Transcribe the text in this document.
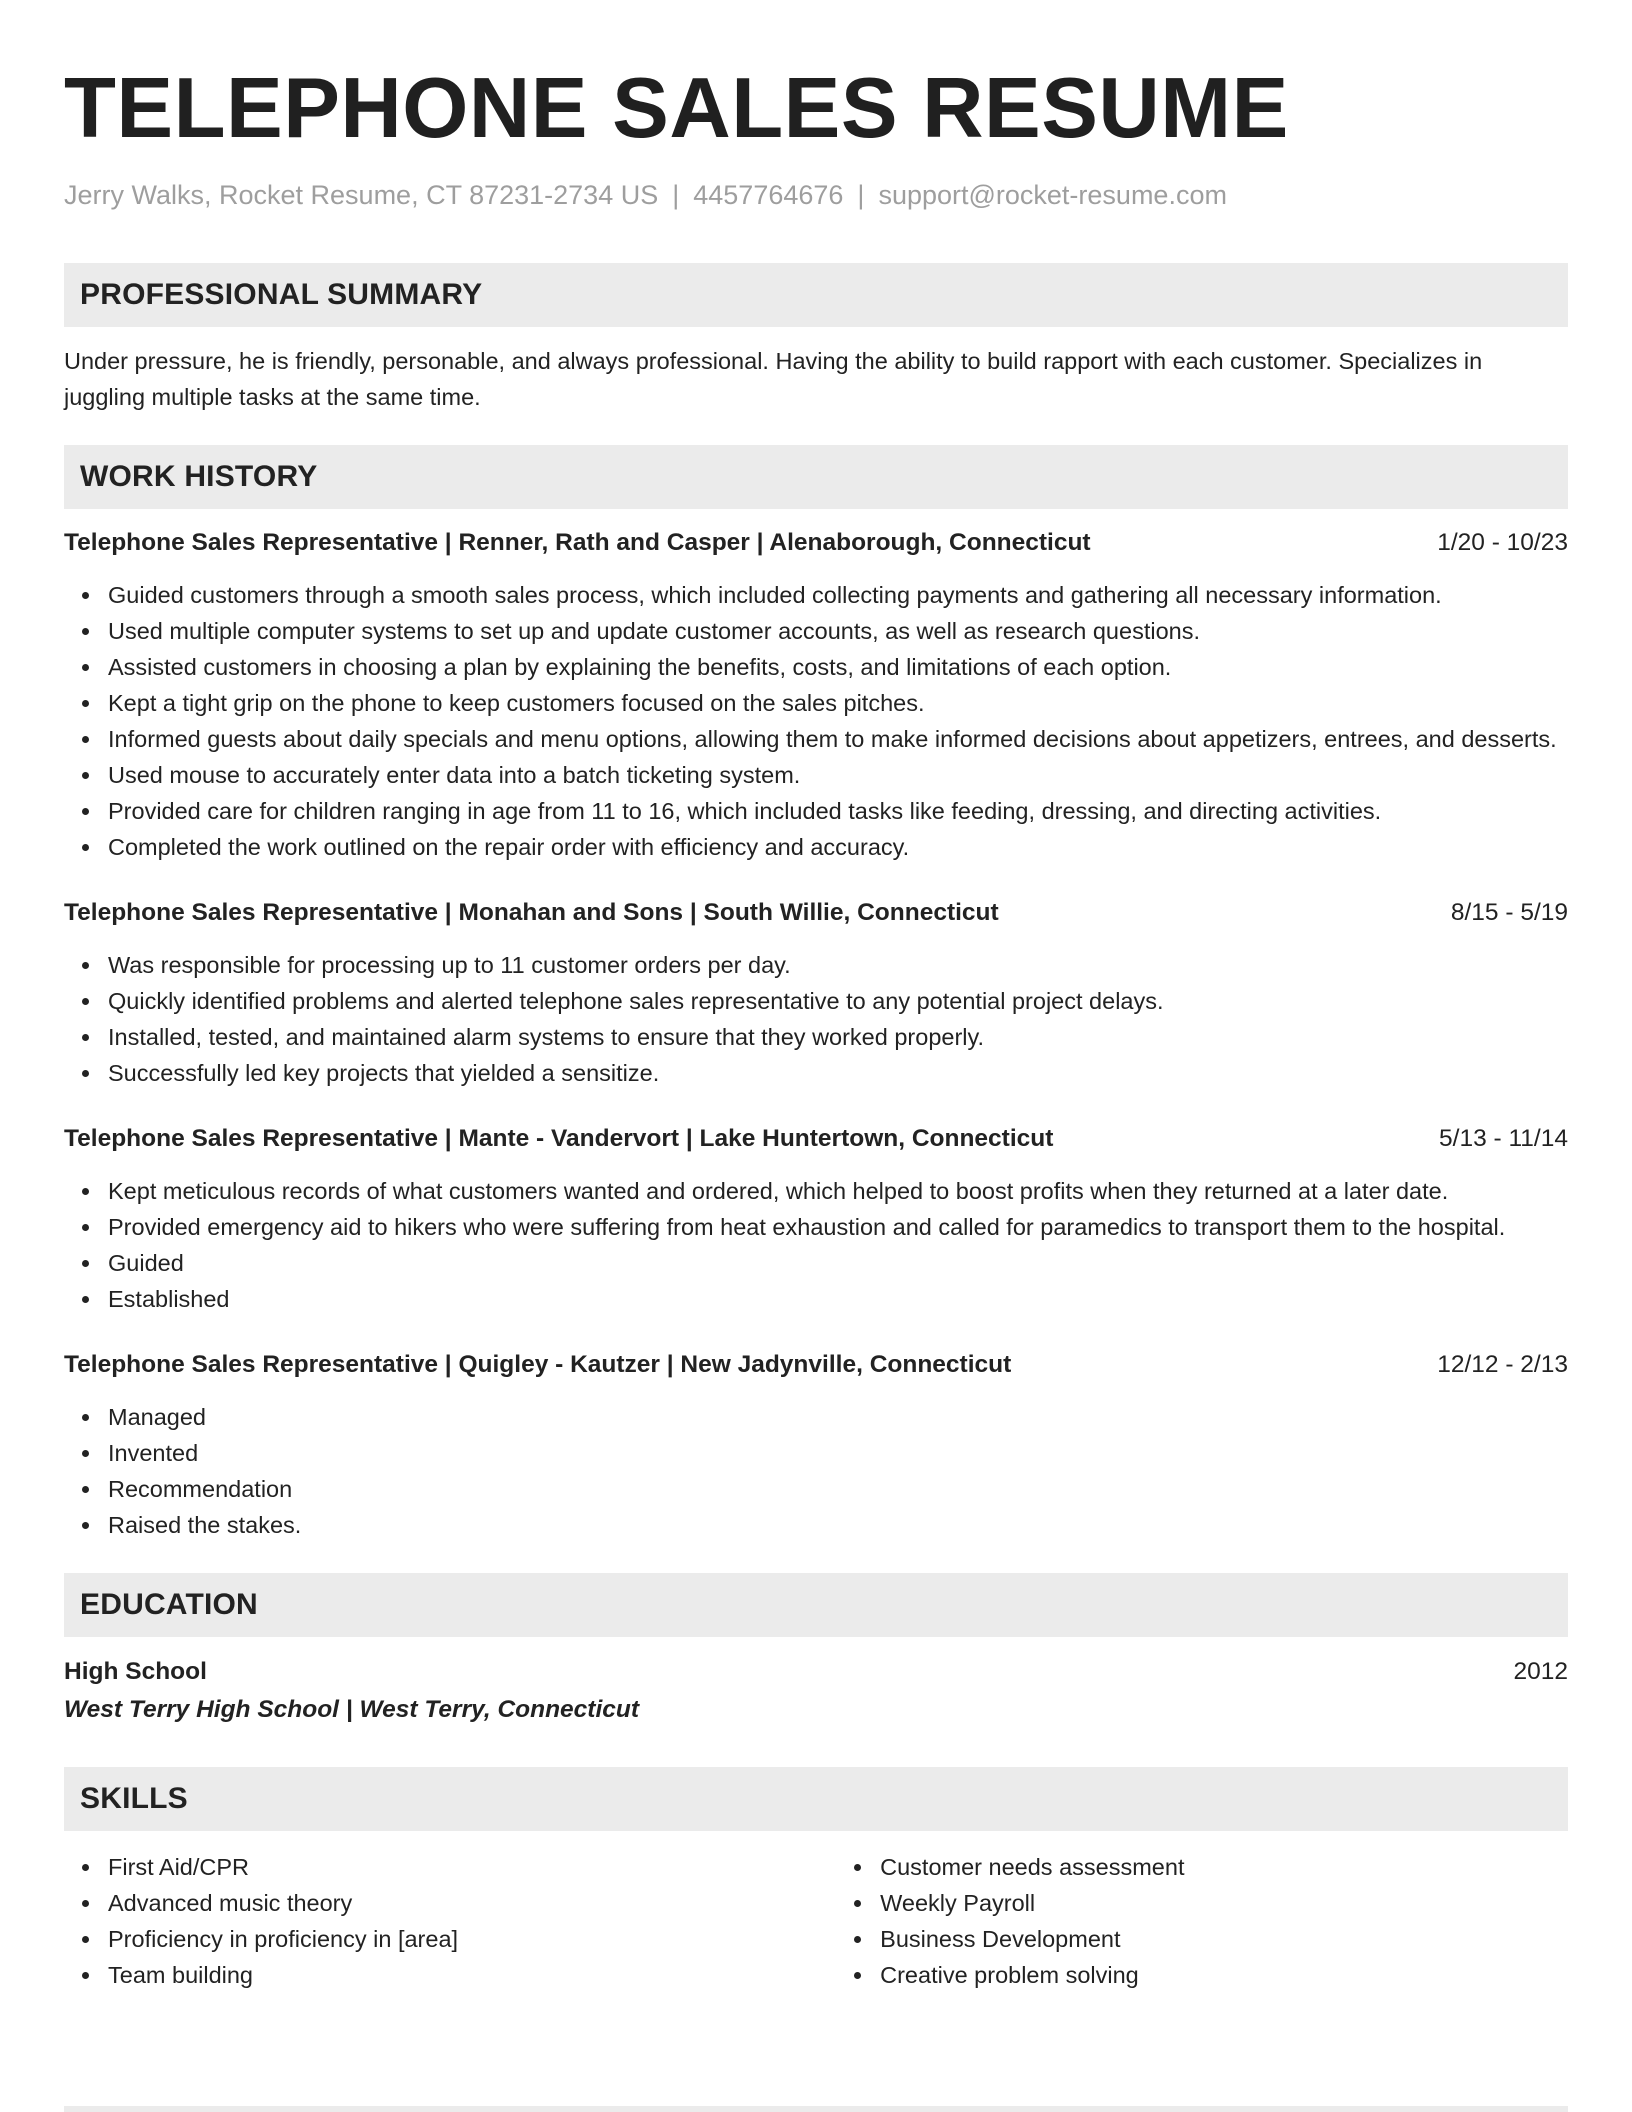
TELEPHONE SALES RESUME
Jerry Walks, Rocket Resume, CT 87231-2734 US | 4457764676 | support@rocket-resume.com
PROFESSIONAL SUMMARY
Under pressure, he is friendly, personable, and always professional. Having the ability to build rapport with each customer. Specializes in juggling multiple tasks at the same time.
WORK HISTORY
Telephone Sales Representative | Renner, Rath and Casper | Alenaborough, Connecticut	1/20 - 10/23
Guided customers through a smooth sales process, which included collecting payments and gathering all necessary information.
Used multiple computer systems to set up and update customer accounts, as well as research questions.
Assisted customers in choosing a plan by explaining the benefits, costs, and limitations of each option.
Kept a tight grip on the phone to keep customers focused on the sales pitches.
Informed guests about daily specials and menu options, allowing them to make informed decisions about appetizers, entrees, and desserts.
Used mouse to accurately enter data into a batch ticketing system.
Provided care for children ranging in age from 11 to 16, which included tasks like feeding, dressing, and directing activities.
Completed the work outlined on the repair order with efficiency and accuracy.
Telephone Sales Representative | Monahan and Sons | South Willie, Connecticut	8/15 - 5/19
Was responsible for processing up to 11 customer orders per day.
Quickly identified problems and alerted telephone sales representative to any potential project delays.
Installed, tested, and maintained alarm systems to ensure that they worked properly.
Successfully led key projects that yielded a sensitize.
Telephone Sales Representative | Mante - Vandervort | Lake Huntertown, Connecticut	5/13 - 11/14
Kept meticulous records of what customers wanted and ordered, which helped to boost profits when they returned at a later date.
Provided emergency aid to hikers who were suffering from heat exhaustion and called for paramedics to transport them to the hospital.
Guided
Established
Telephone Sales Representative | Quigley - Kautzer | New Jadynville, Connecticut	12/12 - 2/13
Managed
Invented
Recommendation
Raised the stakes.
EDUCATION
High School	2012
West Terry High School | West Terry, Connecticut
SKILLS
First Aid/CPR
Advanced music theory
Proficiency in proficiency in [area]
Team building
Customer needs assessment
Weekly Payroll
Business Development
Creative problem solving
